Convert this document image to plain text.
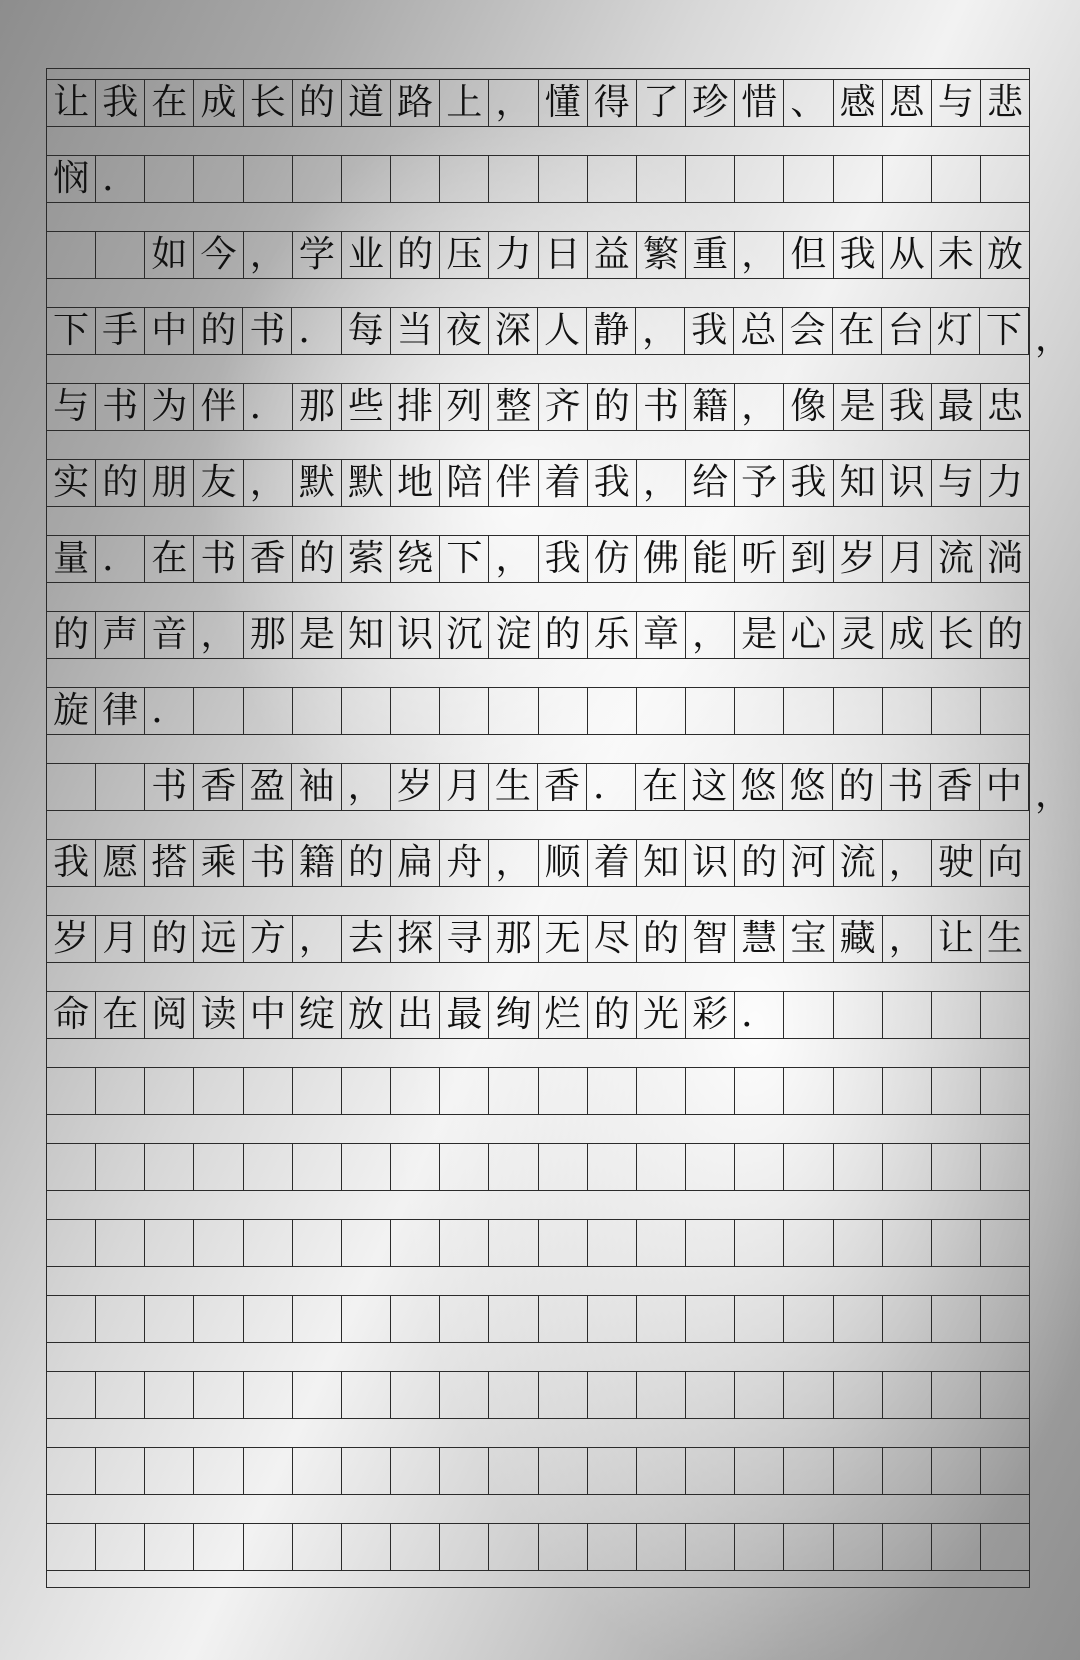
让 我 在 成 长 的 道 路 上 ， 懂 得 了 珍 惜 、 感 恩 与 悲
悯 ．
如 今 ， 学 业 的 压 力 日 益 繁 重 ， 但 我 从 未 放
下 手 中 的 书 ． 每 当 夜 深 人 静 ， 我 总 会 在 台 灯 下 ，
与 书 为 伴 ． 那 些 排 列 整 齐 的 书 籍 ， 像 是 我 最 忠
实 的 朋 友 ， 默 默 地 陪 伴 着 我 ， 给 予 我 知 识 与 力
量 ． 在 书 香 的 萦 绕 下 ， 我 仿 佛 能 听 到 岁 月 流 淌
的 声 音 ， 那 是 知 识 沉 淀 的 乐 章 ， 是 心 灵 成 长 的
旋 律 ．
书 香 盈 袖 ， 岁 月 生 香 ． 在 这 悠 悠 的 书 香 中 ，
我 愿 搭 乘 书 籍 的 扁 舟 ， 顺 着 知 识 的 河 流 ， 驶 向
岁 月 的 远 方 ， 去 探 寻 那 无 尽 的 智 慧 宝 藏 ， 让 生
命 在 阅 读 中 绽 放 出 最 绚 烂 的 光 彩 ．
